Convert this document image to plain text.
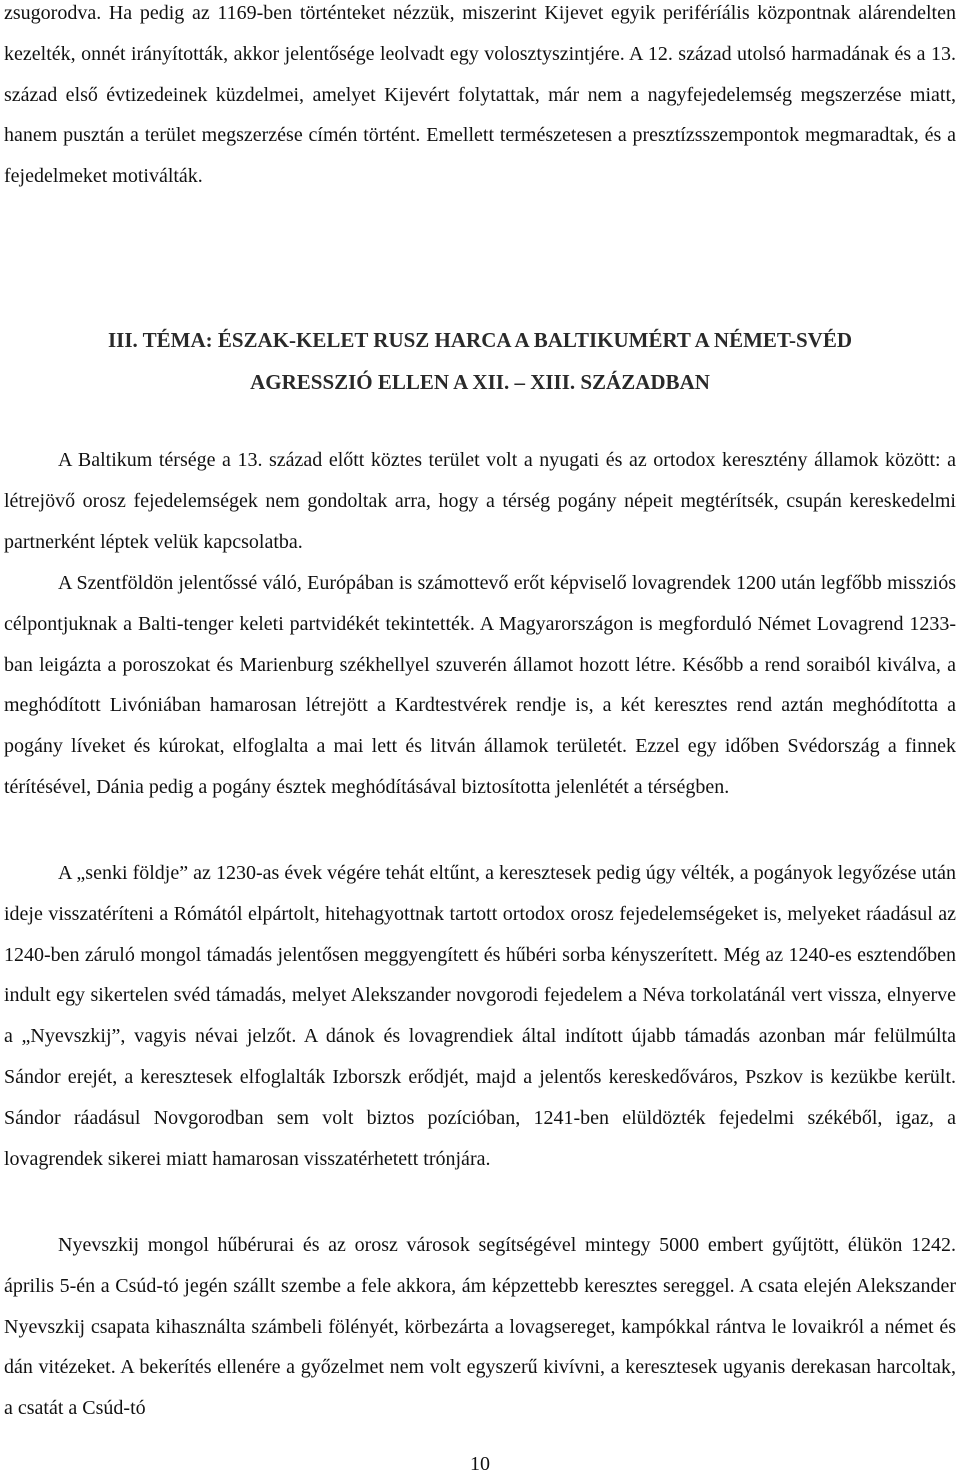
zsugorodva. Ha pedig az 1169-ben történteket nézzük, miszerint Kijevet egyik periféríális központnak alárendelten kezelték, onnét irányították, akkor jelentősége leolvadt egy volosztyszintjére. A 12. század utolsó harmadának és a 13. század első évtizedeinek küzdelmei, amelyet Kijevért folytattak, már nem a nagyfejedelemség megszerzése miatt, hanem pusztán a terület megszerzése címén történt. Emellett természetesen a presztízsszempontok megmaradtak, és a fejedelmeket motiválták.

III. TÉMA: ÉSZAK-KELET RUSZ HARCA A BALTIKUMÉRT A NÉMET-SVÉD
AGRESSZIÓ ELLEN A XII. – XIII. SZÁZADBAN

A Baltikum térsége a 13. század előtt köztes terület volt a nyugati és az ortodox keresztény államok között: a létrejövő orosz fejedelemségek nem gondoltak arra, hogy a térség pogány népeit megtérítsék, csupán kereskedelmi partnerként léptek velük kapcsolatba.

A Szentföldön jelentőssé váló, Európában is számottevő erőt képviselő lovagrendek 1200 után legfőbb missziós célpontjuknak a Balti-tenger keleti partvidékét tekintették. A Magyarországon is megforduló Német Lovagrend 1233-ban leigázta a poroszokat és Marienburg székhellyel szuverén államot hozott létre. Később a rend soraiból kiválva, a meghódított Livóniában hamarosan létrejött a Kardtestvérek rendje is, a két keresztes rend aztán meghódította a pogány líveket és kúrokat, elfoglalta a mai lett és litván államok területét. Ezzel egy időben Svédország a finnek térítésével, Dánia pedig a pogány észtek meghódításával biztosította jelenlétét a térségben.

A „senki földje” az 1230-as évek végére tehát eltűnt, a keresztesek pedig úgy vélték, a pogányok legyőzése után ideje visszatéríteni a Rómától elpártolt, hitehagyottnak tartott ortodox orosz fejedelemségeket is, melyeket ráadásul az 1240-ben záruló mongol támadás jelentősen meggyengített és hűbéri sorba kényszerített. Még az 1240-es esztendőben indult egy sikertelen svéd támadás, melyet Alekszander novgorodi fejedelem a Néva torkolatánál vert vissza, elnyerve a „Nyevszkij”, vagyis névai jelzőt. A dánok és lovagrendiek által indított újabb támadás azonban már felülmúlta Sándor erejét, a keresztesek elfoglalták Izborszk erődjét, majd a jelentős kereskedőváros, Pszkov is kezükbe került. Sándor ráadásul Novgorodban sem volt biztos pozícióban, 1241-ben elüldözték fejedelmi székéből, igaz, a lovagrendek sikerei miatt hamarosan visszatérhetett trónjára.

Nyevszkij mongol hűbérurai és az orosz városok segítségével mintegy 5000 embert gyűjtött, élükön 1242. április 5-én a Csúd-tó jegén szállt szembe a fele akkora, ám képzettebb keresztes sereggel. A csata elején Alekszander Nyevszkij csapata kihasználta számbeli fölényét, körbezárta a lovagsereget, kampókkal rántva le lovaikról a német és dán vitézeket. A bekerítés ellenére a győzelmet nem volt egyszerű kivívni, a keresztesek ugyanis derekasan harcoltak, a csatát a Csúd-tó

10
